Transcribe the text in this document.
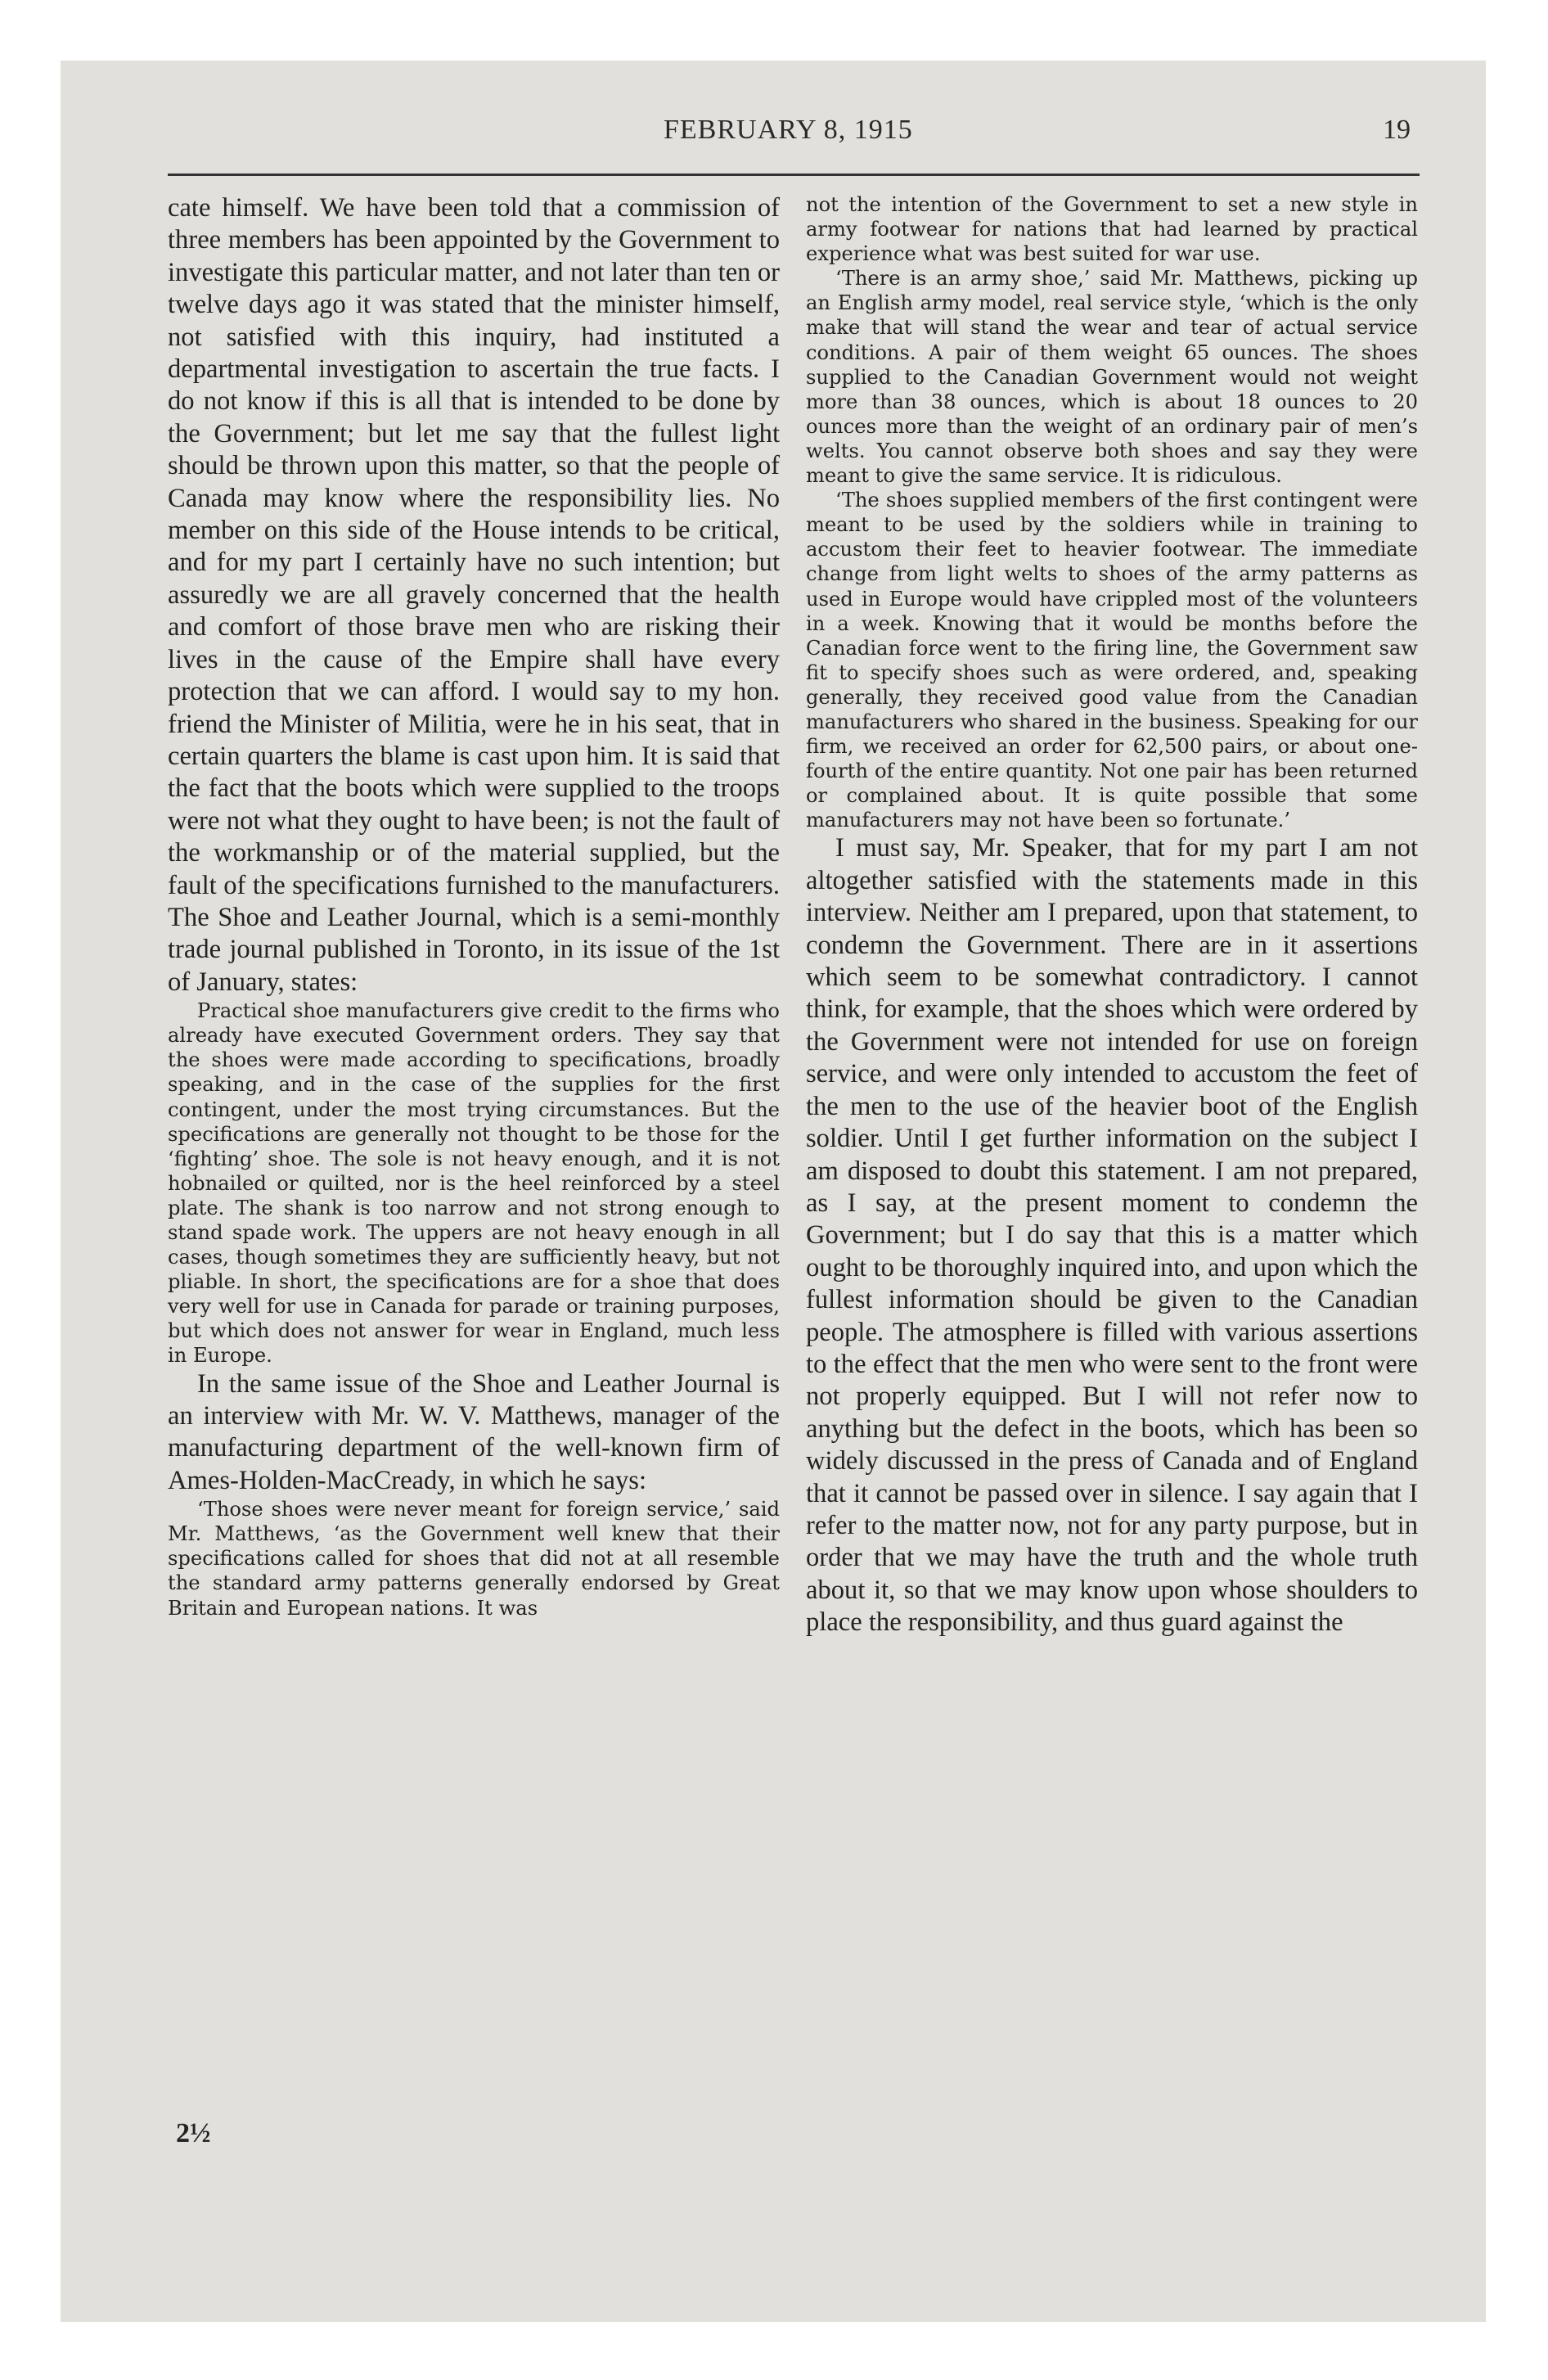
FEBRUARY 8, 1915	19

cate himself. We have been told that a commission of three members has been appointed by the Government to investigate this particular matter, and not later than ten or twelve days ago it was stated that the minister himself, not satisfied with this inquiry, had instituted a departmental investigation to ascertain the true facts. I do not know if this is all that is intended to be done by the Government; but let me say that the fullest light should be thrown upon this matter, so that the people of Canada may know where the responsibility lies. No member on this side of the House intends to be critical, and for my part I certainly have no such intention; but assuredly we are all gravely concerned that the health and comfort of those brave men who are risking their lives in the cause of the Empire shall have every protection that we can afford. I would say to my hon. friend the Minister of Militia, were he in his seat, that in certain quarters the blame is cast upon him. It is said that the fact that the boots which were supplied to the troops were not what they ought to have been; is not the fault of the workmanship or of the material supplied, but the fault of the specifications furnished to the manufacturers. The Shoe and Leather Journal, which is a semi-monthly trade journal published in Toronto, in its issue of the 1st of January, states:

Practical shoe manufacturers give credit to the firms who already have executed Government orders. They say that the shoes were made according to specifications, broadly speaking, and in the case of the supplies for the first contingent, under the most trying circumstances. But the specifications are generally not thought to be those for the ‘fighting’ shoe. The sole is not heavy enough, and it is not hobnailed or quilted, nor is the heel reinforced by a steel plate. The shank is too narrow and not strong enough to stand spade work. The uppers are not heavy enough in all cases, though sometimes they are sufficiently heavy, but not pliable. In short, the specifications are for a shoe that does very well for use in Canada for parade or training purposes, but which does not answer for wear in England, much less in Europe.

In the same issue of the Shoe and Leather Journal is an interview with Mr. W. V. Matthews, manager of the manufacturing department of the well-known firm of Ames-Holden-MacCready, in which he says:

‘Those shoes were never meant for foreign service,’ said Mr. Matthews, ‘as the Government well knew that their specifications called for shoes that did not at all resemble the standard army patterns generally endorsed by Great Britain and European nations. It was

not the intention of the Government to set a new style in army footwear for nations that had learned by practical experience what was best suited for war use.

‘There is an army shoe,’ said Mr. Matthews, picking up an English army model, real service style, ‘which is the only make that will stand the wear and tear of actual service conditions. A pair of them weight 65 ounces. The shoes supplied to the Canadian Government would not weight more than 38 ounces, which is about 18 ounces to 20 ounces more than the weight of an ordinary pair of men’s welts. You cannot observe both shoes and say they were meant to give the same service. It is ridiculous.

‘The shoes supplied members of the first contingent were meant to be used by the soldiers while in training to accustom their feet to heavier footwear. The immediate change from light welts to shoes of the army patterns as used in Europe would have crippled most of the volunteers in a week. Knowing that it would be months before the Canadian force went to the firing line, the Government saw fit to specify shoes such as were ordered, and, speaking generally, they received good value from the Canadian manufacturers who shared in the business. Speaking for our firm, we received an order for 62,500 pairs, or about one-fourth of the entire quantity. Not one pair has been returned or complained about. It is quite possible that some manufacturers may not have been so fortunate.’

I must say, Mr. Speaker, that for my part I am not altogether satisfied with the statements made in this interview. Neither am I prepared, upon that statement, to condemn the Government. There are in it assertions which seem to be somewhat contradictory. I cannot think, for example, that the shoes which were ordered by the Government were not intended for use on foreign service, and were only intended to accustom the feet of the men to the use of the heavier boot of the English soldier. Until I get further information on the subject I am disposed to doubt this statement. I am not prepared, as I say, at the present moment to condemn the Government; but I do say that this is a matter which ought to be thoroughly inquired into, and upon which the fullest information should be given to the Canadian people. The atmosphere is filled with various assertions to the effect that the men who were sent to the front were not properly equipped. But I will not refer now to anything but the defect in the boots, which has been so widely discussed in the press of Canada and of England that it cannot be passed over in silence. I say again that I refer to the matter now, not for any party purpose, but in order that we may have the truth and the whole truth about it, so that we may know upon whose shoulders to place the responsibility, and thus guard against the

2½
